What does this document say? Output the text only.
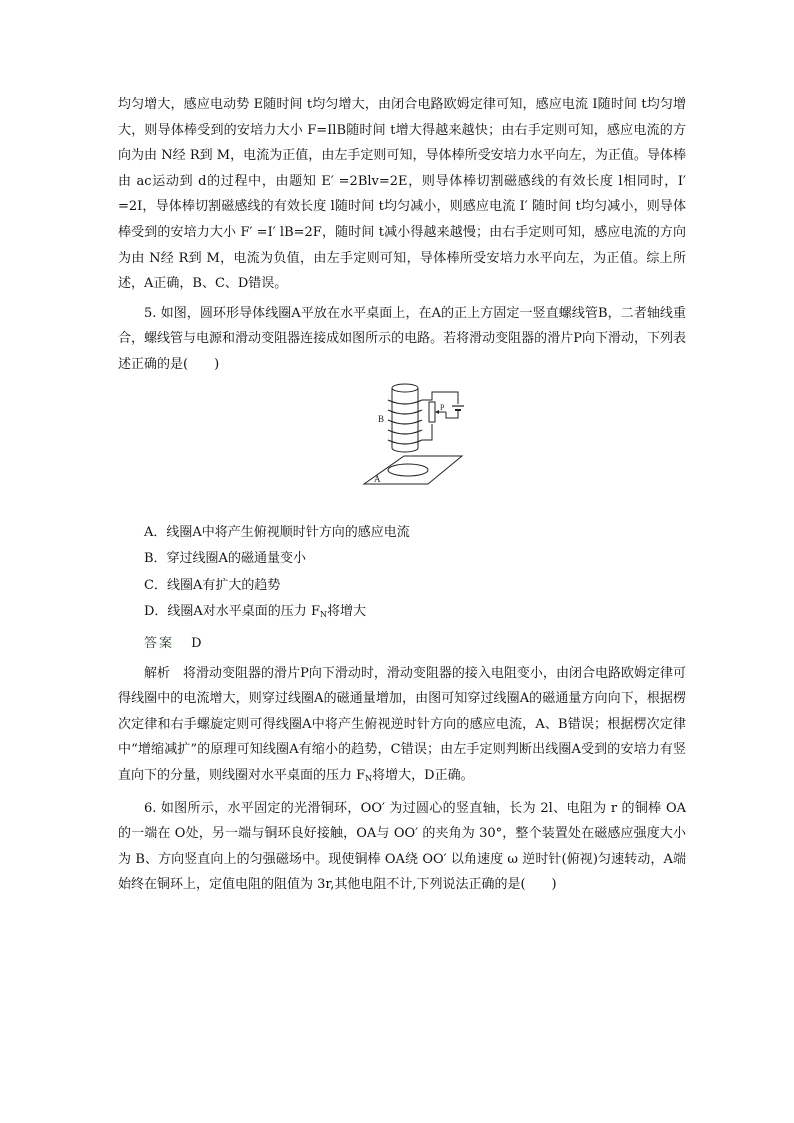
均匀增大，感应电动势 E随时间 t均匀增大，由闭合电路欧姆定律可知，感应电流 I随时间 t均匀增大，则导体棒受到的安培力大小 F=IlB随时间 t增大得越来越快；由右手定则可知，感应电流的方向为由 N经 R到 M，电流为正值，由左手定则可知，导体棒所受安培力水平向左，为正值。导体棒由 ac运动到 d的过程中，由题知 E′ =2Blv=2E，则导体棒切割磁感线的有效长度 l相同时，I′ =2I，导体棒切割磁感线的有效长度 l随时间 t均匀减小，则感应电流 I′ 随时间 t均匀减小，则导体棒受到的安培力大小 F′ =I′ lB=2F，随时间 t减小得越来越慢；由右手定则可知，感应电流的方向为由 N经 R到 M，电流为负值，由左手定则可知，导体棒所受安培力水平向左，为正值。综上所述，A正确，B、C、D错误。

5. 如图，圆环形导体线圈A平放在水平桌面上，在A的正上方固定一竖直螺线管B，二者轴线重合，螺线管与电源和滑动变阻器连接成如图所示的电路。若将滑动变阻器的滑片P向下滑动，下列表述正确的是(　　)

B
P
A

A．线圈A中将产生俯视顺时针方向的感应电流

B．穿过线圈A的磁通量变小

C．线圈A有扩大的趋势

D．线圈A对水平桌面的压力 $F_N$将增大

答案　 D

解析　将滑动变阻器的滑片P向下滑动时，滑动变阻器的接入电阻变小，由闭合电路欧姆定律可得线圈中的电流增大，则穿过线圈A的磁通量增加，由图可知穿过线圈A的磁通量方向向下，根据楞次定律和右手螺旋定则可得线圈A中将产生俯视逆时针方向的感应电流，A、B错误；根据楞次定律中“增缩减扩”的原理可知线圈A有缩小的趋势，C错误；由左手定则判断出线圈A受到的安培力有竖直向下的分量，则线圈对水平桌面的压力 $F_N$将增大，D正确。

6. 如图所示，水平固定的光滑铜环，OO′ 为过圆心的竖直轴，长为 2l、电阻为 r 的铜棒 OA 的一端在 O处，另一端与铜环良好接触，OA与 OO′ 的夹角为 30°，整个装置处在磁感应强度大小为 B、方向竖直向上的匀强磁场中。现使铜棒 OA绕 OO′ 以角速度 ω 逆时针(俯视)匀速转动，A端始终在铜环上，定值电阻的阻值为 3r,其他电阻不计,下列说法正确的是(　　)
